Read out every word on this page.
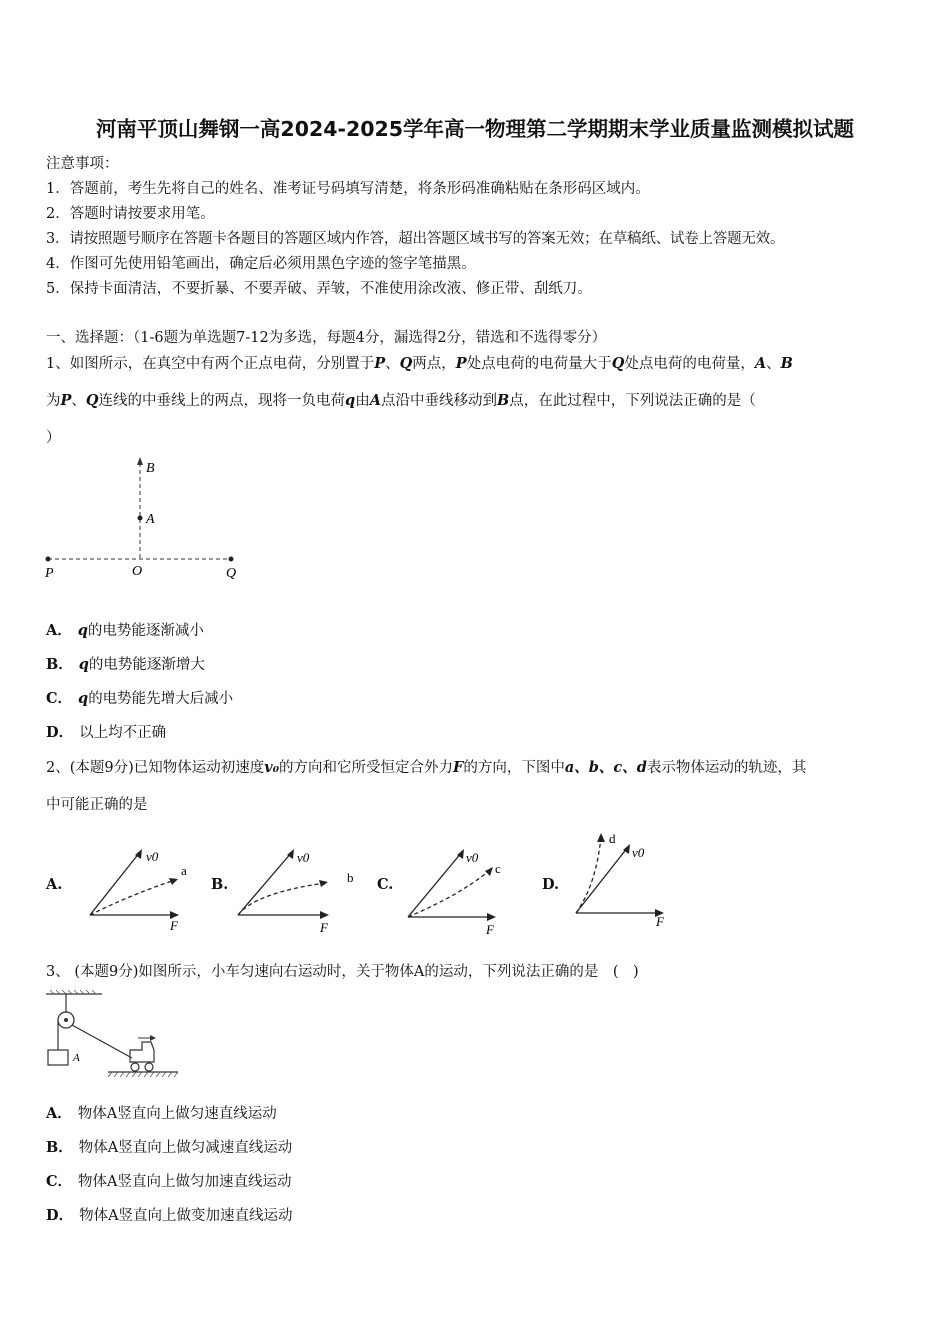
河南平顶山舞钢一高2024-2025学年高一物理第二学期期末学业质量监测模拟试题
注意事项：
1．答题前，考生先将自己的姓名、准考证号码填写清楚，将条形码准确粘贴在条形码区域内。
2．答题时请按要求用笔。
3．请按照题号顺序在答题卡各题目的答题区域内作答，超出答题区域书写的答案无效；在草稿纸、试卷上答题无效。
4．作图可先使用铅笔画出，确定后必须用黑色字迹的签字笔描黑。
5．保持卡面清洁，不要折暴、不要弄破、弄皱，不准使用涂改液、修正带、刮纸刀。
一、选择题：（1-6题为单选题7-12为多选，每题4分，漏选得2分，错选和不选得零分）
1、如图所示，在真空中有两个正点电荷，分别置于P、Q两点，P处点电荷的电荷量大于Q处点电荷的电荷量，A、B
为P、Q连线的中垂线上的两点，现将一负电荷q由A点沿中垂线移动到B点，在此过程中，下列说法正确的是（
）
B
A
P	O	Q
A． q的电势能逐渐减小
B． q的电势能逐渐增大
C． q的电势能先增大后减小
D． 以上均不正确
2、(本题9分)已知物体运动初速度v₀的方向和它所受恒定合外力F的方向，下图中a、b、c、d表示物体运动的轨迹，其
中可能正确的是
A.
v0
a
F
B.
v0
b
F
C.
v0
c
F
D.
v0
d
F
3、 (本题9分)如图所示，小车匀速向右运动时，关于物体A的运动，下列说法正确的是　(　)
A
A． 物体A竖直向上做匀速直线运动
B． 物体A竖直向上做匀减速直线运动
C． 物体A竖直向上做匀加速直线运动
D． 物体A竖直向上做变加速直线运动
